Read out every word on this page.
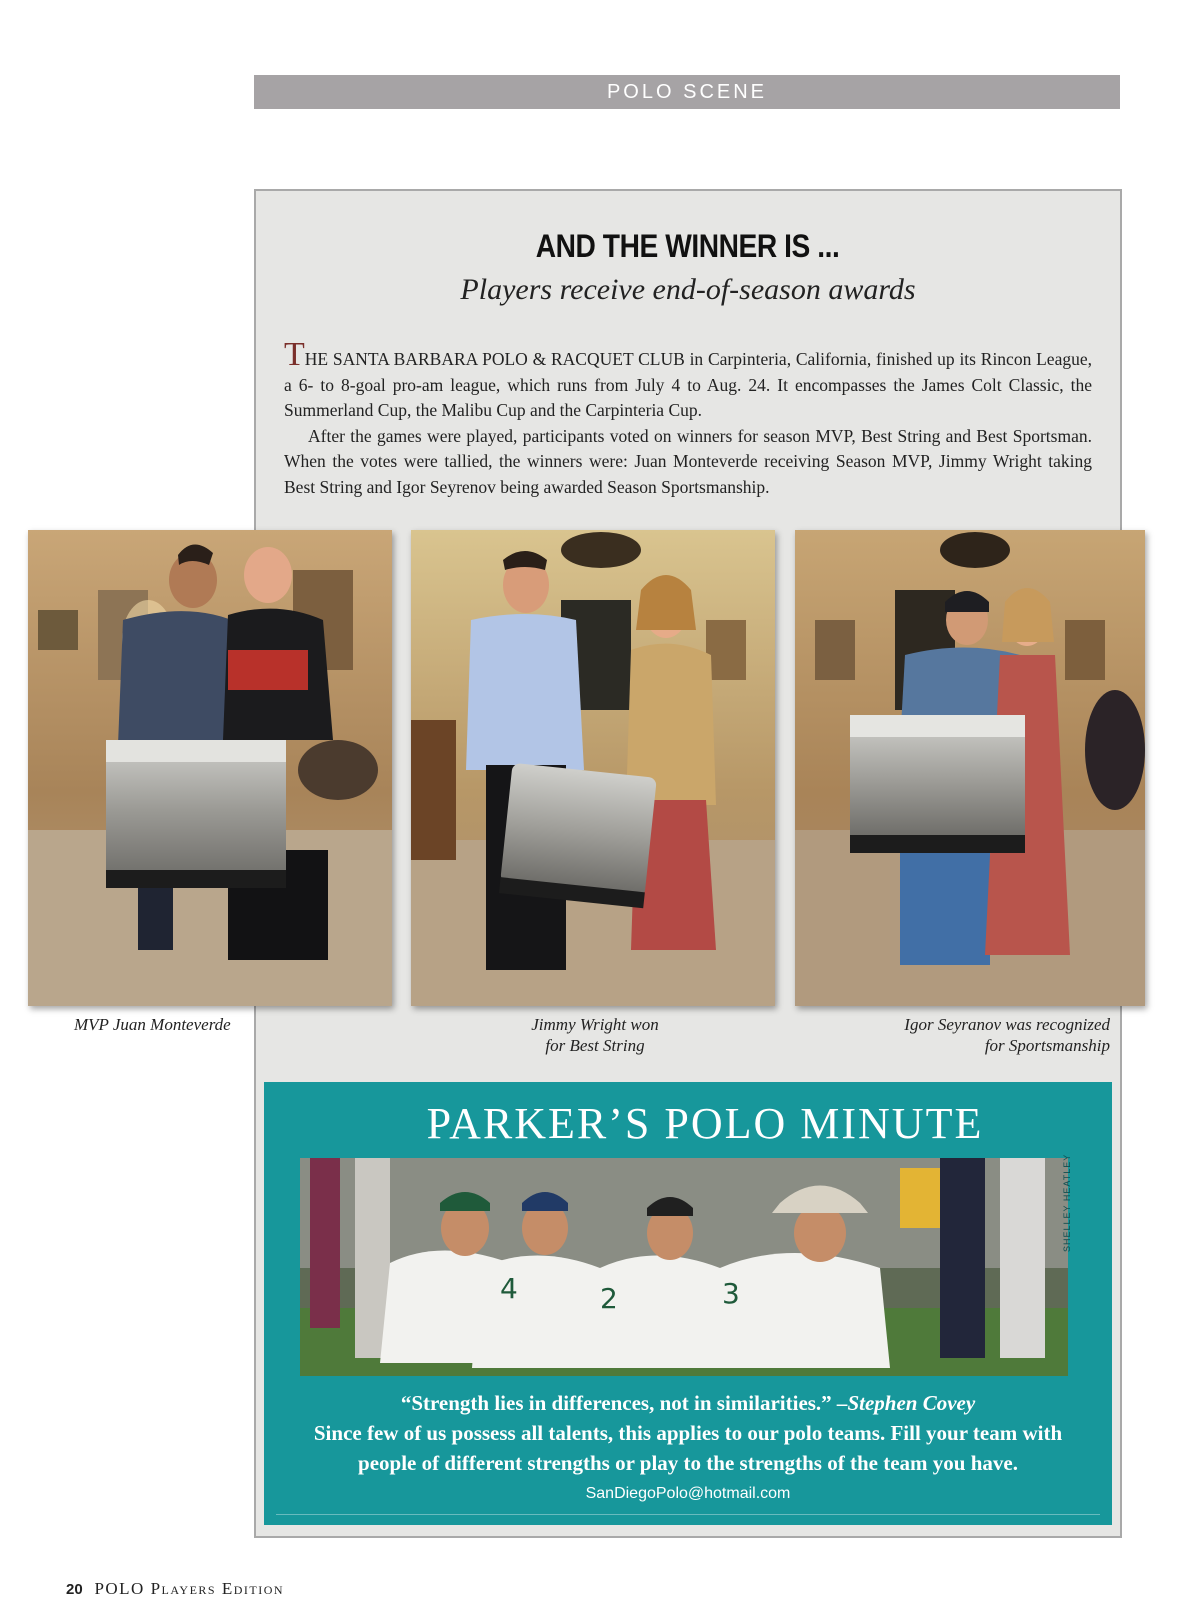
POLO SCENE
AND THE WINNER IS ...
Players receive end-of-season awards

THE SANTA BARBARA POLO & RACQUET CLUB in Carpinteria, California, finished up its Rincon League, a 6- to 8-goal pro-am league, which runs from July 4 to Aug. 24. It encompasses the James Colt Classic, the Summerland Cup, the Malibu Cup and the Carpinteria Cup.

After the games were played, participants voted on winners for season MVP, Best String and Best Sportsman. When the votes were tallied, the winners were: Juan Monteverde receiving Season MVP, Jimmy Wright taking Best String and Igor Seyrenov being awarded Season Sportsmanship.

MVP Juan Monteverde	Jimmy Wright won
for Best String
Igor Seyranov was recognized
for Sportsmanship
PARKER’S POLO MINUTE
4	2	3
SHELLEY HEATLEY
“Strength lies in differences, not in similarities.” –Stephen Covey
Since few of us possess all talents, this applies to our polo teams. Fill your team with
people of different strengths or play to the strengths of the team you have.
SanDiegoPolo@hotmail.com
20 POLO Players Edition
